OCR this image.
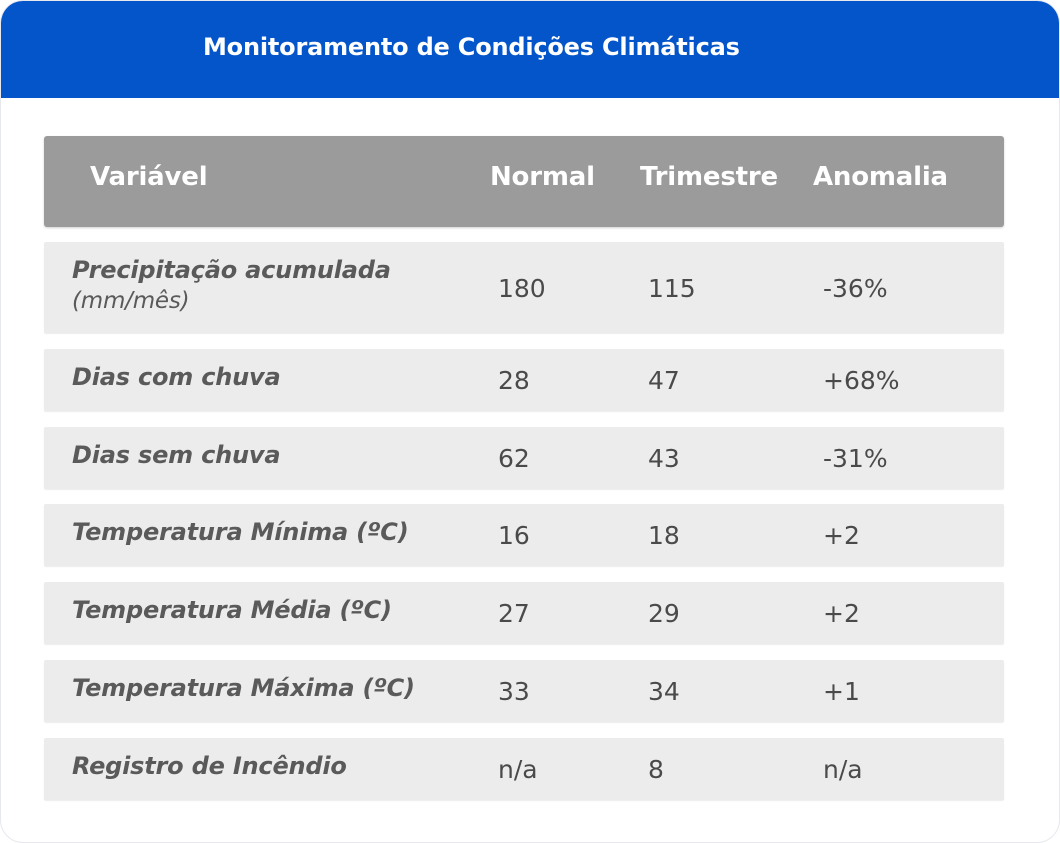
Monitoramento de Condições Climáticas
Variável	Normal Trimestre Anomalia
Precipitação acumulada
(mm/mês)	180	115	-36%
Dias com chuva	28	47	+68%
Dias sem chuva	62	43	-31%
Temperatura Mínima (ºC)	16	18	+2
Temperatura Média (ºC)	27	29	+2
Temperatura Máxima (ºC)	33	34	+1
Registro de Incêndio	n/a	8	n/a
